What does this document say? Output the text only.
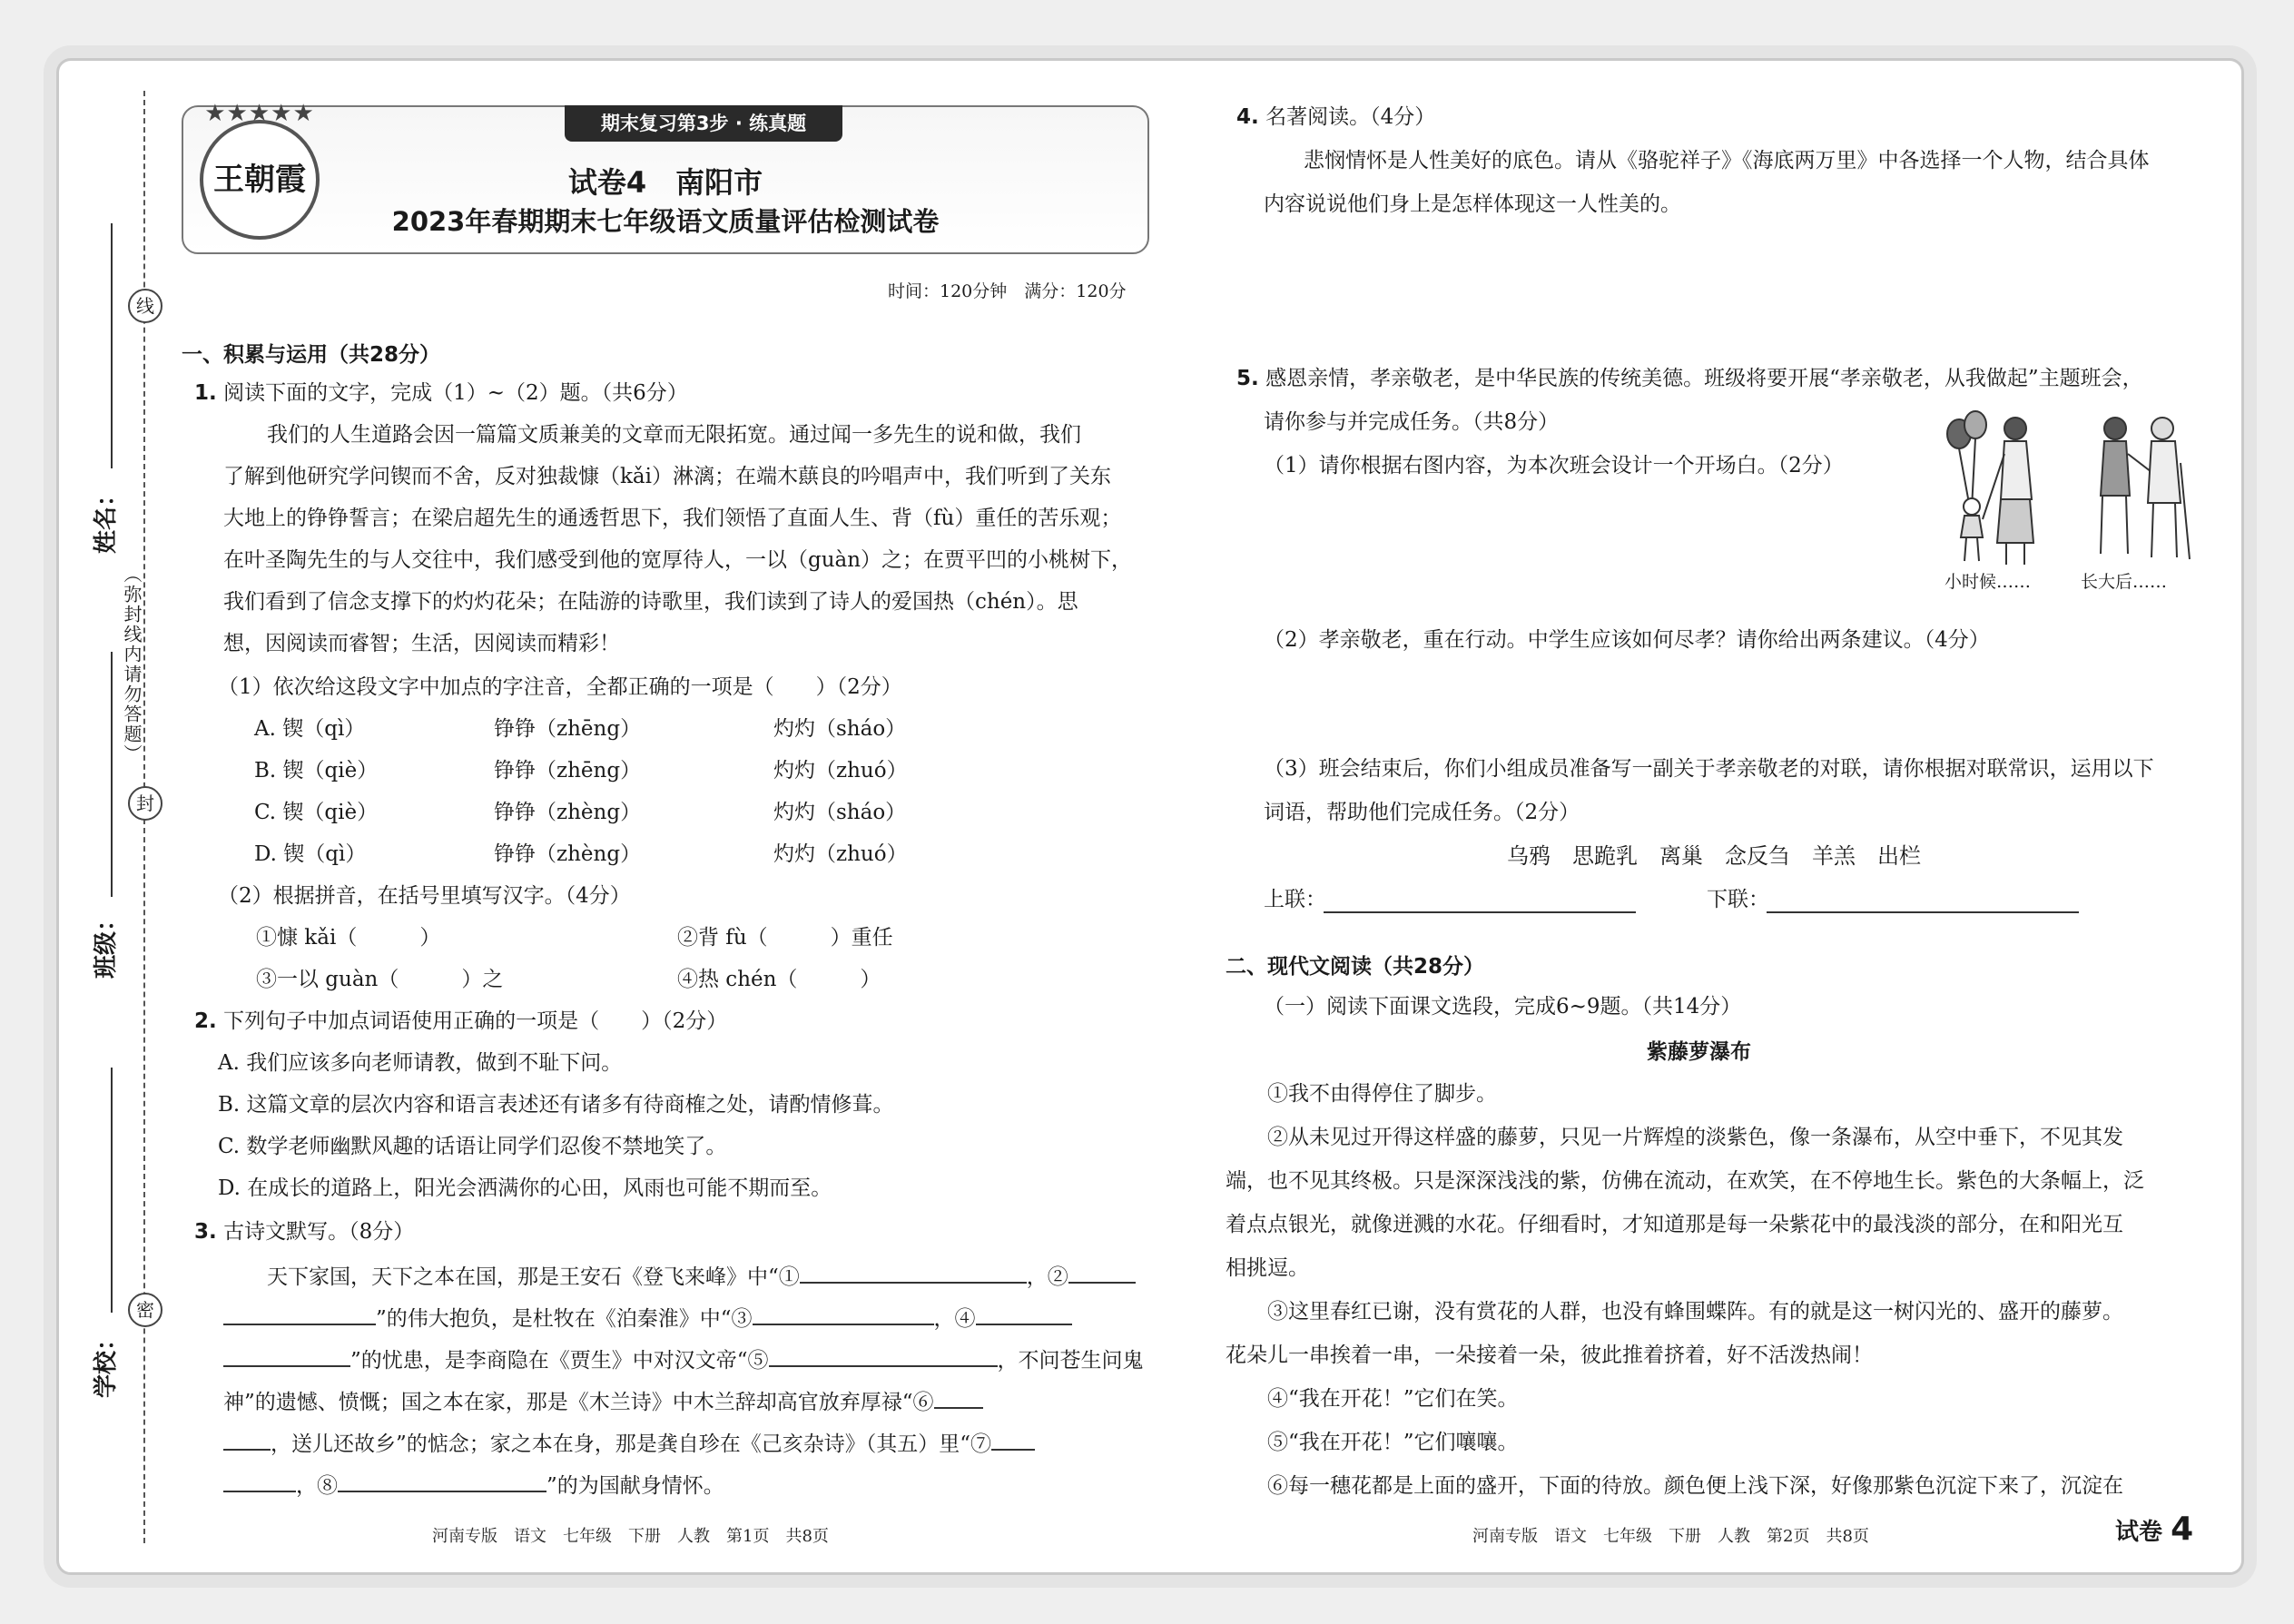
线
封
密
（弥封线内请勿答题）
姓名：
班级：
学校：
期末复习第3步 · 练真题
★★★★★
王朝霞	试卷4　南阳市
2023年春期期末七年级语文质量评估检测试卷
时间：120分钟　满分：120分
一、积累与运用（共28分）
1. 阅读下面的文字，完成（1）~（2）题。（共6分）
我们的人生道路会因一篇篇文质兼美的文章而无限拓宽。通过闻一多先生的说和做，我们
了解到他研究学问锲而不舍，反对独裁慷（kǎi）淋漓；在端木蕻良的吟唱声中，我们听到了关东
大地上的铮铮誓言；在梁启超先生的通透哲思下，我们领悟了直面人生、背（fù）重任的苦乐观；
在叶圣陶先生的与人交往中，我们感受到他的宽厚待人，一以（guàn）之；在贾平凹的小桃树下，
我们看到了信念支撑下的灼灼花朵；在陆游的诗歌里，我们读到了诗人的爱国热（chén）。思
想，因阅读而睿智；生活，因阅读而精彩！
（1）依次给这段文字中加点的字注音，全都正确的一项是（　　）（2分）
A. 锲（qì）	铮铮（zhēng）	灼灼（sháo）
B. 锲（qiè）	铮铮（zhēng）	灼灼（zhuó）
C. 锲（qiè）	铮铮（zhèng）	灼灼（sháo）
D. 锲（qì）	铮铮（zhèng）	灼灼（zhuó）
（2）根据拼音，在括号里填写汉字。（4分）
①慷 kǎi（　　　）	②背 fù（　　　）重任
③一以 guàn（　　　）之	④热 chén（　　　）
2. 下列句子中加点词语使用正确的一项是（　　）（2分）
A. 我们应该多向老师请教，做到不耻下问。
B. 这篇文章的层次内容和语言表述还有诸多有待商榷之处，请酌情修葺。
C. 数学老师幽默风趣的话语让同学们忍俊不禁地笑了。
D. 在成长的道路上，阳光会洒满你的心田，风雨也可能不期而至。
3. 古诗文默写。（8分）
天下家国，天下之本在国，那是王安石《登飞来峰》中“①	，②
”的伟大抱负，是杜牧在《泊秦淮》中“③	，④
”的忧患，是李商隐在《贾生》中对汉文帝“⑤	，不问苍生问鬼
神”的遗憾、愤慨；国之本在家，那是《木兰诗》中木兰辞却高官放弃厚禄“⑥
，送儿还故乡”的惦念；家之本在身，那是龚自珍在《己亥杂诗》（其五）里“⑦
，⑧	”的为国献身情怀。
河南专版　语文　七年级　下册　人教　第1页　共8页
4. 名著阅读。（4分）
悲悯情怀是人性美好的底色。请从《骆驼祥子》《海底两万里》中各选择一个人物，结合具体
内容说说他们身上是怎样体现这一人性美的。
5. 感恩亲情，孝亲敬老，是中华民族的传统美德。班级将要开展“孝亲敬老，从我做起”主题班会，
请你参与并完成任务。（共8分）
（1）请你根据右图内容，为本次班会设计一个开场白。（2分）
小时候……	长大后……
（2）孝亲敬老，重在行动。中学生应该如何尽孝？请你给出两条建议。（4分）
（3）班会结束后，你们小组成员准备写一副关于孝亲敬老的对联，请你根据对联常识，运用以下
词语，帮助他们完成任务。（2分）
乌鸦　思跪乳　离巢　念反刍　羊羔　出栏
上联：	下联：
二、现代文阅读（共28分）
（一）阅读下面课文选段，完成6~9题。（共14分）
紫藤萝瀑布
①我不由得停住了脚步。
②从未见过开得这样盛的藤萝，只见一片辉煌的淡紫色，像一条瀑布，从空中垂下，不见其发
端，也不见其终极。只是深深浅浅的紫，仿佛在流动，在欢笑，在不停地生长。紫色的大条幅上，泛
着点点银光，就像迸溅的水花。仔细看时，才知道那是每一朵紫花中的最浅淡的部分，在和阳光互
相挑逗。
③这里春红已谢，没有赏花的人群，也没有蜂围蝶阵。有的就是这一树闪光的、盛开的藤萝。
花朵儿一串挨着一串，一朵接着一朵，彼此推着挤着，好不活泼热闹！
④“我在开花！”它们在笑。
⑤“我在开花！”它们嚷嚷。
⑥每一穗花都是上面的盛开，下面的待放。颜色便上浅下深，好像那紫色沉淀下来了，沉淀在
河南专版　语文　七年级　下册　人教　第2页　共8页	试卷 4
